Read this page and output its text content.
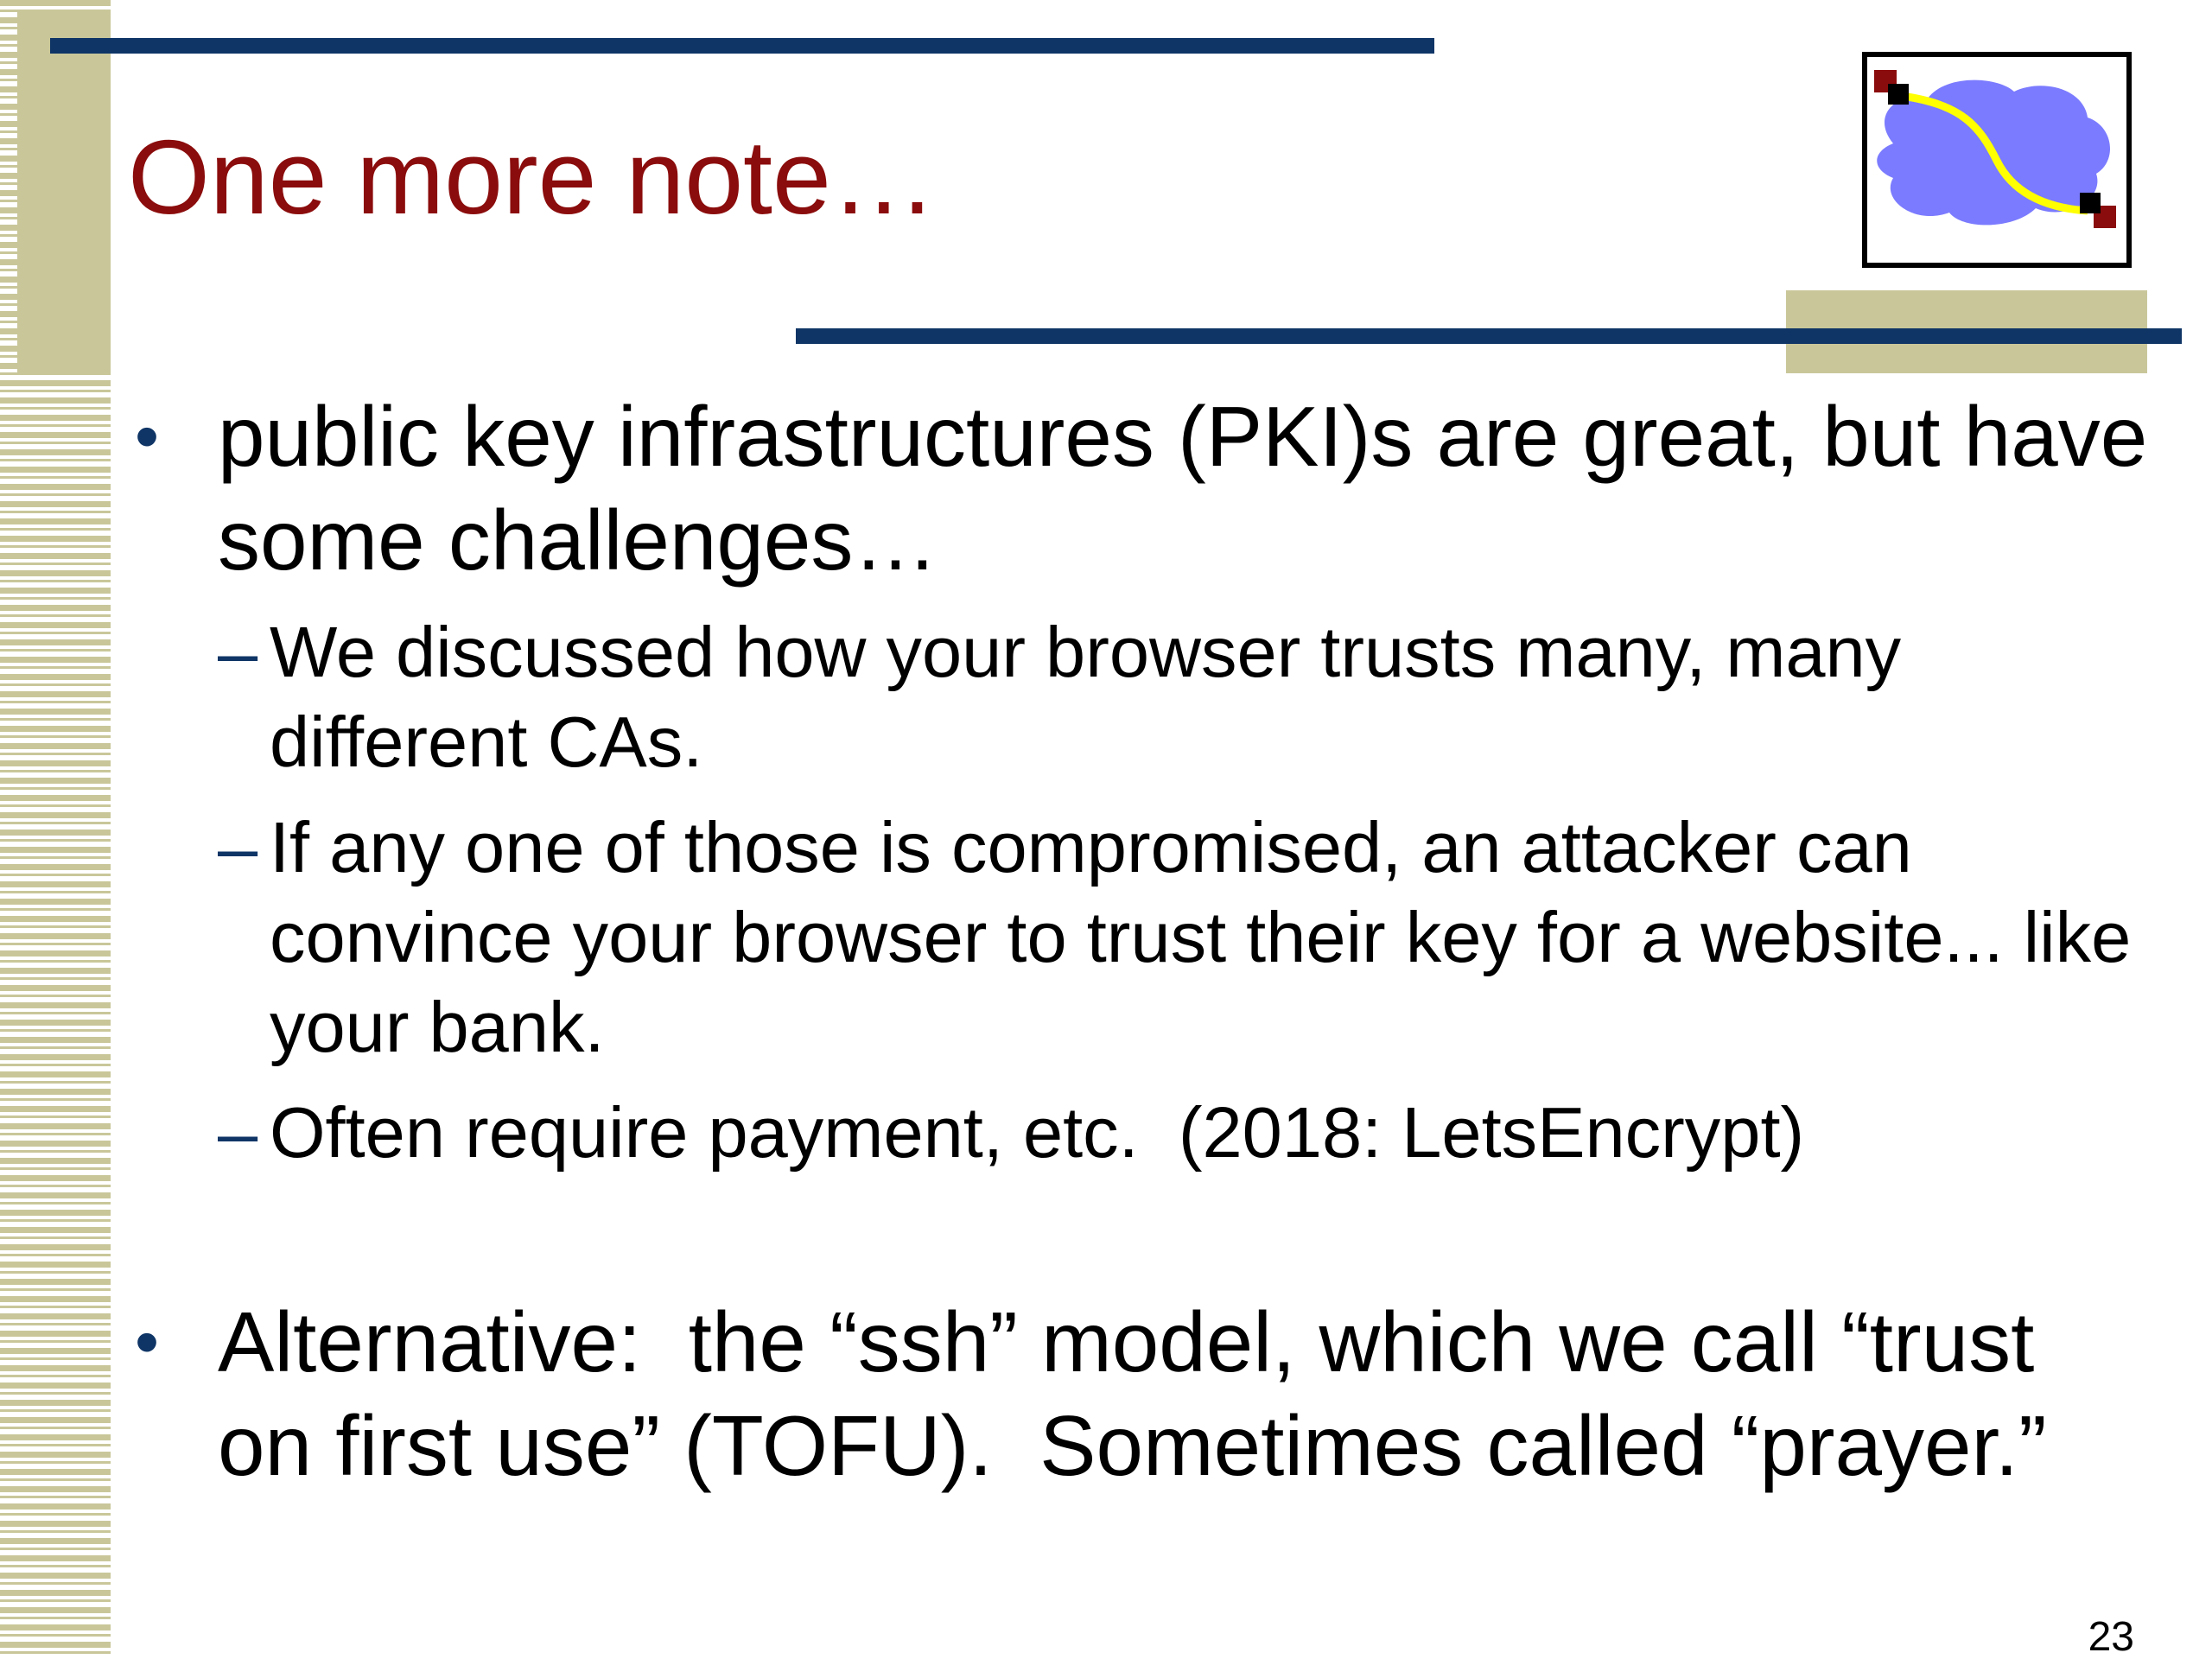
One more note…
• public key infrastructures (PKI)s are great, but have some challenges…
– We discussed how your browser trusts many, many different CAs.
– If any one of those is compromised, an attacker can convince your browser to trust their key for a website... like your bank.
– Often require payment, etc.  (2018: LetsEncrypt)
• Alternative:  the “ssh” model, which we call “trust on first use” (TOFU).  Sometimes called “prayer.”
23
